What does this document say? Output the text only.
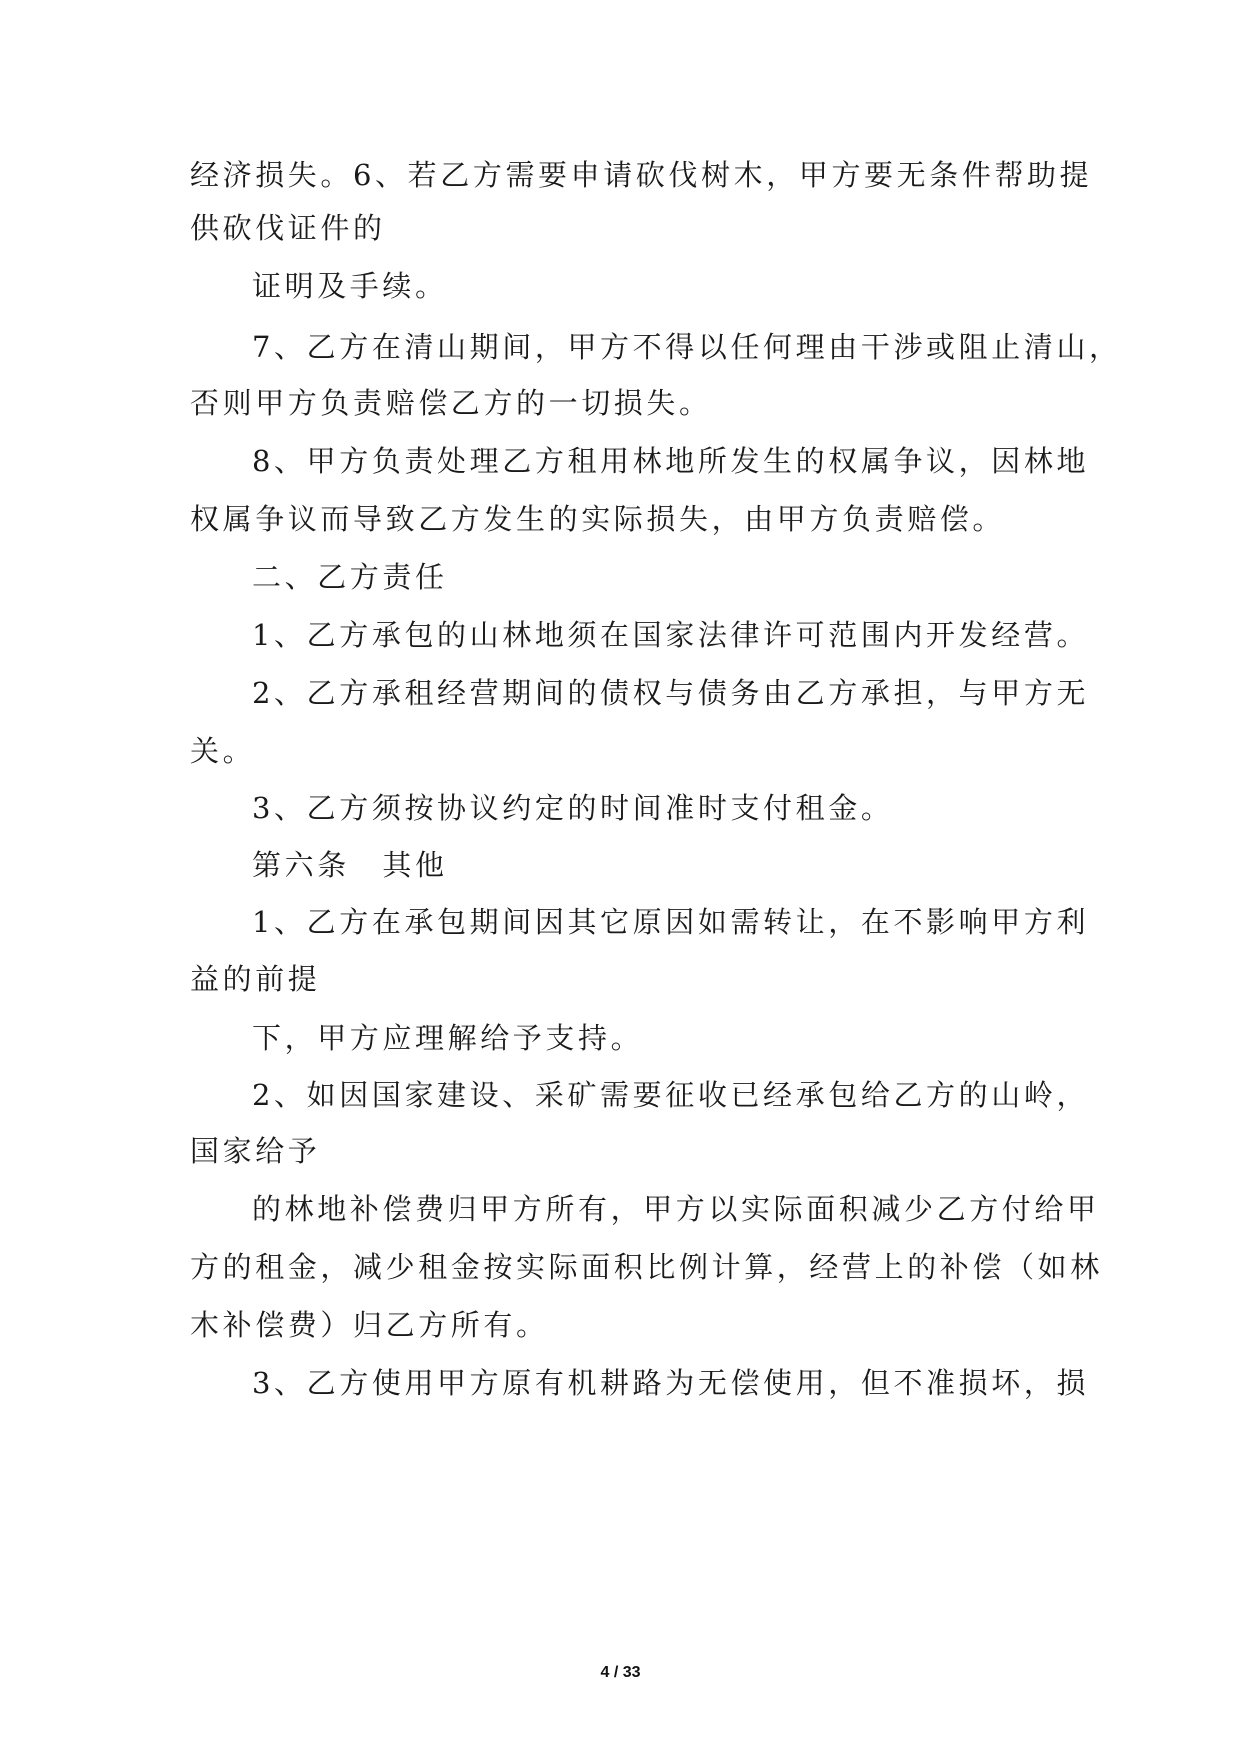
经济损失。6、若乙方需要申请砍伐树木，甲方要无条件帮助提
供砍伐证件的
证明及手续。
7、乙方在清山期间，甲方不得以任何理由干涉或阻止清山，
否则甲方负责赔偿乙方的一切损失。
8、甲方负责处理乙方租用林地所发生的权属争议，因林地
权属争议而导致乙方发生的实际损失，由甲方负责赔偿。
二、乙方责任
1、乙方承包的山林地须在国家法律许可范围内开发经营。
2、乙方承租经营期间的债权与债务由乙方承担，与甲方无
关。
3、乙方须按协议约定的时间准时支付租金。
第六条　其他
1、乙方在承包期间因其它原因如需转让，在不影响甲方利
益的前提
下，甲方应理解给予支持。
2、如因国家建设、采矿需要征收已经承包给乙方的山岭，
国家给予
的林地补偿费归甲方所有，甲方以实际面积减少乙方付给甲
方的租金，减少租金按实际面积比例计算，经营上的补偿（如林
木补偿费）归乙方所有。
3、乙方使用甲方原有机耕路为无偿使用，但不准损坏，损
4 / 33
